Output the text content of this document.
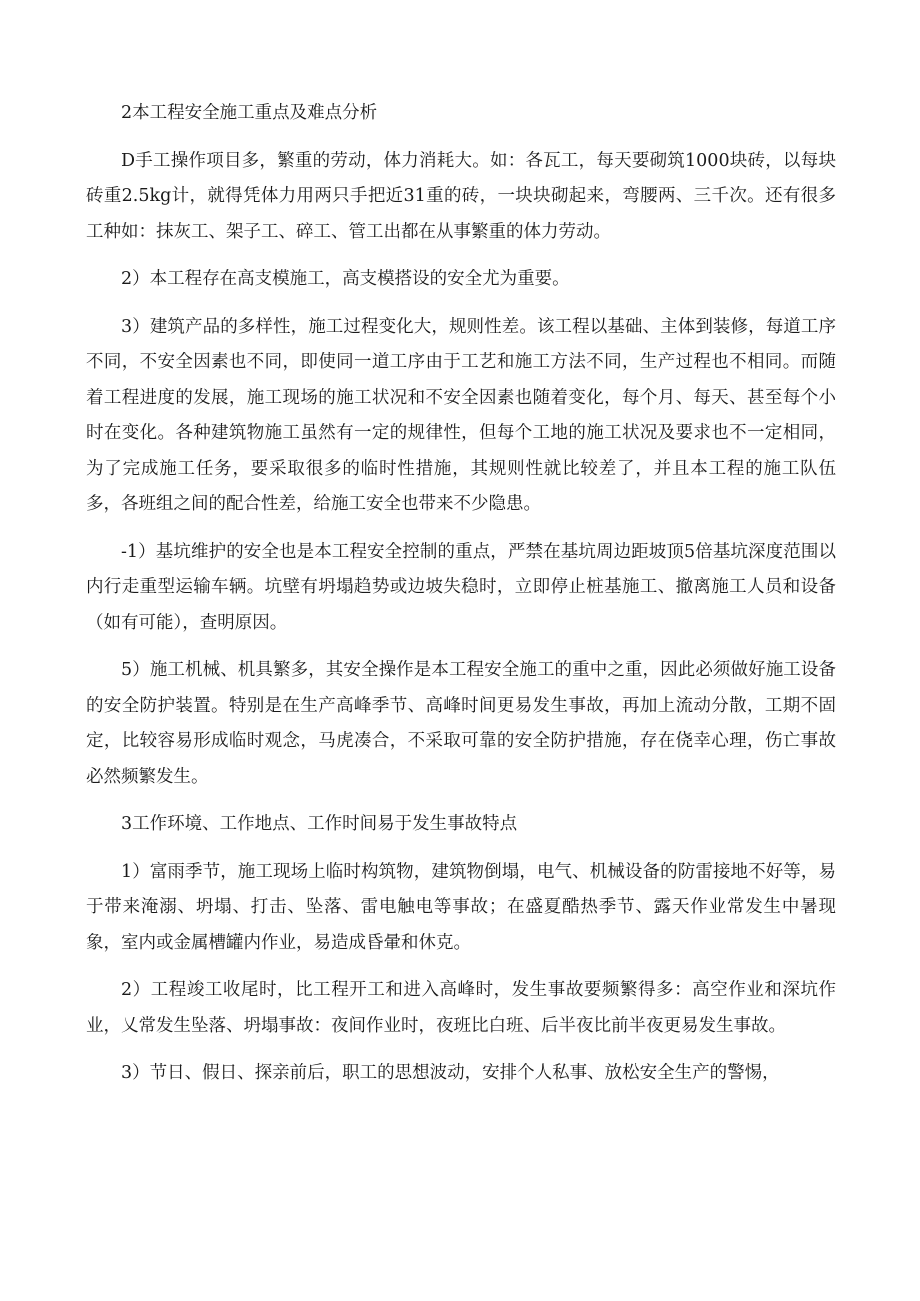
2本工程安全施工重点及难点分析

D手工操作项目多，繁重的劳动，体力消耗大。如：各瓦工，每天要砌筑1000块砖，以每块砖重2.5kg计，就得凭体力用两只手把近31重的砖，一块块砌起来，弯腰两、三千次。还有很多工种如：抹灰工、架子工、碎工、管工出都在从事繁重的体力劳动。

2）本工程存在高支模施工，高支模搭设的安全尤为重要。

3）建筑产品的多样性，施工过程变化大，规则性差。该工程以基础、主体到装修，每道工序不同，不安全因素也不同，即使同一道工序由于工艺和施工方法不同，生产过程也不相同。而随着工程进度的发展，施工现场的施工状况和不安全因素也随着变化，每个月、每天、甚至每个小时在变化。各种建筑物施工虽然有一定的规律性，但每个工地的施工状况及要求也不一定相同，为了完成施工任务，要采取很多的临时性措施，其规则性就比较差了，并且本工程的施工队伍多，各班组之间的配合性差，给施工安全也带来不少隐患。

-1）基坑维护的安全也是本工程安全控制的重点，严禁在基坑周边距坡顶5倍基坑深度范围以内行走重型运输车辆。坑壁有坍塌趋势或边坡失稳时，立即停止桩基施工、撤离施工人员和设备（如有可能），查明原因。

5）施工机械、机具繁多，其安全操作是本工程安全施工的重中之重，因此必须做好施工设备的安全防护装置。特别是在生产高峰季节、高峰时间更易发生事故，再加上流动分散，工期不固定，比较容易形成临时观念，马虎凑合，不采取可靠的安全防护措施，存在侥幸心理，伤亡事故必然频繁发生。

3工作环境、工作地点、工作时间易于发生事故特点

1）富雨季节，施工现场上临时构筑物，建筑物倒塌，电气、机械设备的防雷接地不好等，易于带来淹溺、坍塌、打击、坠落、雷电触电等事故；在盛夏酷热季节、露天作业常发生中暑现象，室内或金属槽罐内作业，易造成昏暈和休克。

2）工程竣工收尾时，比工程开工和进入高峰时，发生事故要频繁得多：高空作业和深坑作业，乂常发生坠落、坍塌事故：夜间作业时，夜班比白班、后半夜比前半夜更易发生事故。

3）节日、假日、探亲前后，职工的思想波动，安排个人私事、放松安全生产的警惕，
